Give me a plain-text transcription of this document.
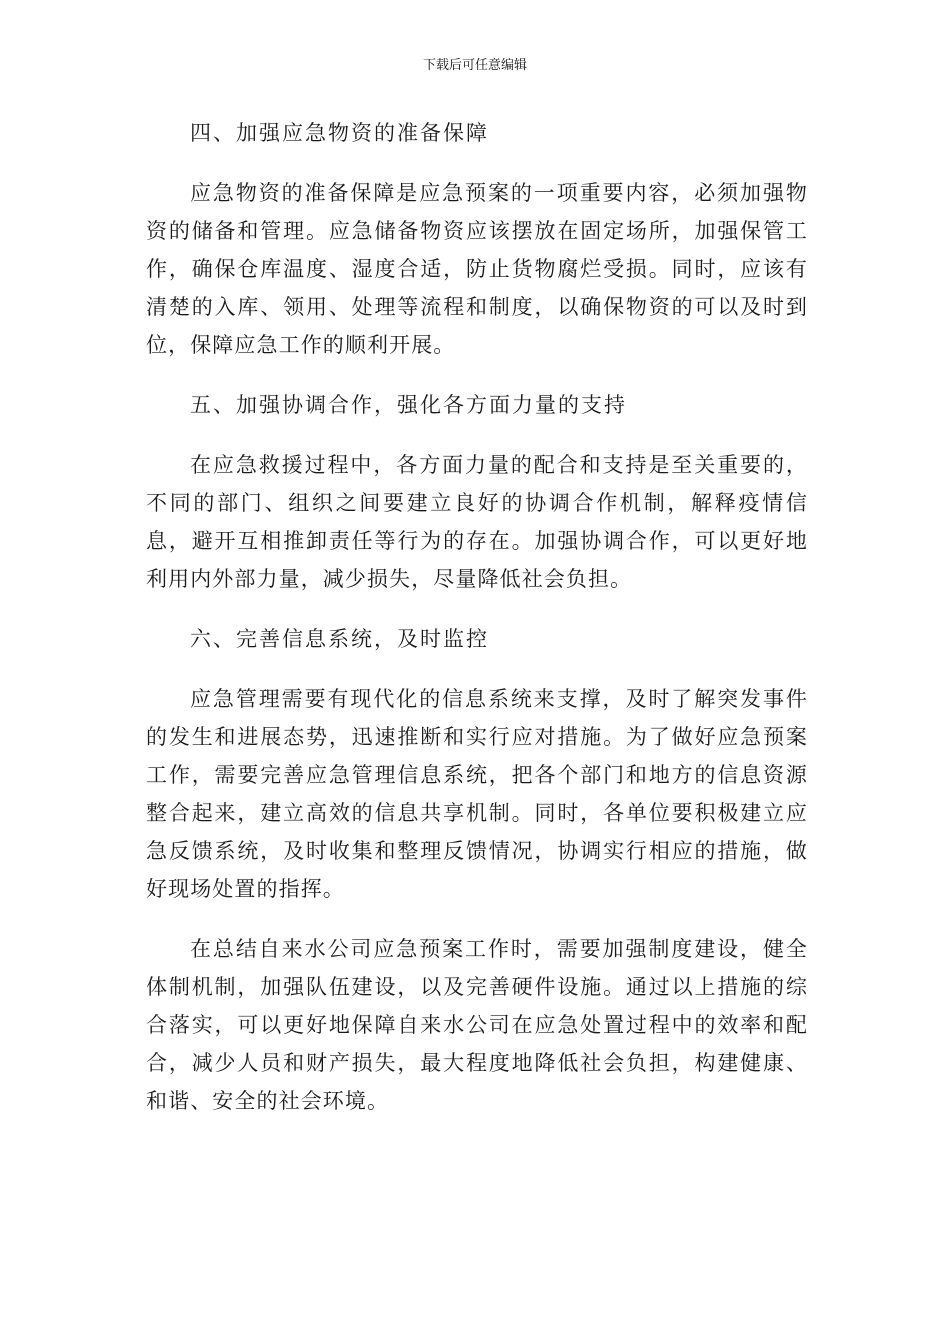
下载后可任意编辑
四、加强应急物资的准备保障

应急物资的准备保障是应急预案的一项重要内容，必须加强物资的储备和管理。应急储备物资应该摆放在固定场所，加强保管工作，确保仓库温度、湿度合适，防止货物腐烂受损。同时，应该有清楚的入库、领用、处理等流程和制度，以确保物资的可以及时到位，保障应急工作的顺利开展。

五、加强协调合作，强化各方面力量的支持

在应急救援过程中，各方面力量的配合和支持是至关重要的，不同的部门、组织之间要建立良好的协调合作机制，解释疫情信息，避开互相推卸责任等行为的存在。加强协调合作，可以更好地利用内外部力量，减少损失，尽量降低社会负担。

六、完善信息系统，及时监控

应急管理需要有现代化的信息系统来支撑，及时了解突发事件的发生和进展态势，迅速推断和实行应对措施。为了做好应急预案工作，需要完善应急管理信息系统，把各个部门和地方的信息资源整合起来，建立高效的信息共享机制。同时，各单位要积极建立应急反馈系统，及时收集和整理反馈情况，协调实行相应的措施，做好现场处置的指挥。

在总结自来水公司应急预案工作时，需要加强制度建设，健全体制机制，加强队伍建设，以及完善硬件设施。通过以上措施的综合落实，可以更好地保障自来水公司在应急处置过程中的效率和配合，减少人员和财产损失，最大程度地降低社会负担，构建健康、和谐、安全的社会环境。
